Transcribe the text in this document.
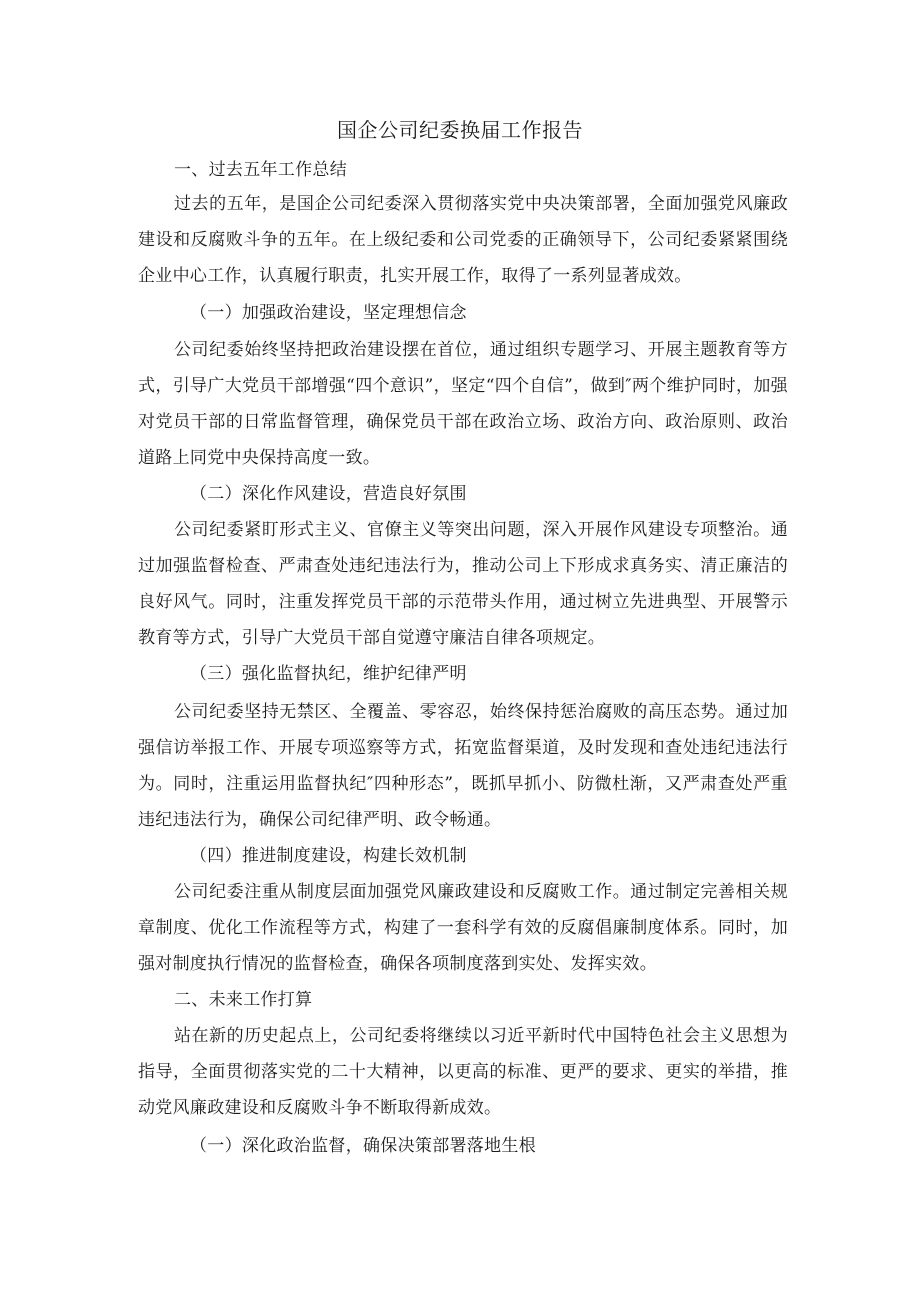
国企公司纪委换届工作报告
一、过去五年工作总结
过去的五年，是国企公司纪委深入贯彻落实党中央决策部署，全面加强党风廉政建设和反腐败斗争的五年。在上级纪委和公司党委的正确领导下，公司纪委紧紧围绕企业中心工作，认真履行职责，扎实开展工作，取得了一系列显著成效。
（一）加强政治建设，坚定理想信念
公司纪委始终坚持把政治建设摆在首位，通过组织专题学习、开展主题教育等方式，引导广大党员干部增强“四个意识”，坚定“四个自信”，做到″两个维护同时，加强对党员干部的日常监督管理，确保党员干部在政治立场、政治方向、政治原则、政治道路上同党中央保持高度一致。
（二）深化作风建设，营造良好氛围
公司纪委紧盯形式主义、官僚主义等突出问题，深入开展作风建设专项整治。通过加强监督检查、严肃查处违纪违法行为，推动公司上下形成求真务实、清正廉洁的良好风气。同时，注重发挥党员干部的示范带头作用，通过树立先进典型、开展警示教育等方式，引导广大党员干部自觉遵守廉洁自律各项规定。
（三）强化监督执纪，维护纪律严明
公司纪委坚持无禁区、全覆盖、零容忍，始终保持惩治腐败的高压态势。通过加强信访举报工作、开展专项巡察等方式，拓宽监督渠道，及时发现和查处违纪违法行为。同时，注重运用监督执纪″四种形态”，既抓早抓小、防微杜渐，又严肃查处严重违纪违法行为，确保公司纪律严明、政令畅通。
（四）推进制度建设，构建长效机制
公司纪委注重从制度层面加强党风廉政建设和反腐败工作。通过制定完善相关规章制度、优化工作流程等方式，构建了一套科学有效的反腐倡廉制度体系。同时，加强对制度执行情况的监督检查，确保各项制度落到实处、发挥实效。
二、未来工作打算
站在新的历史起点上，公司纪委将继续以习近平新时代中国特色社会主义思想为指导，全面贯彻落实党的二十大精神，以更高的标准、更严的要求、更实的举措，推动党风廉政建设和反腐败斗争不断取得新成效。
（一）深化政治监督，确保决策部署落地生根
